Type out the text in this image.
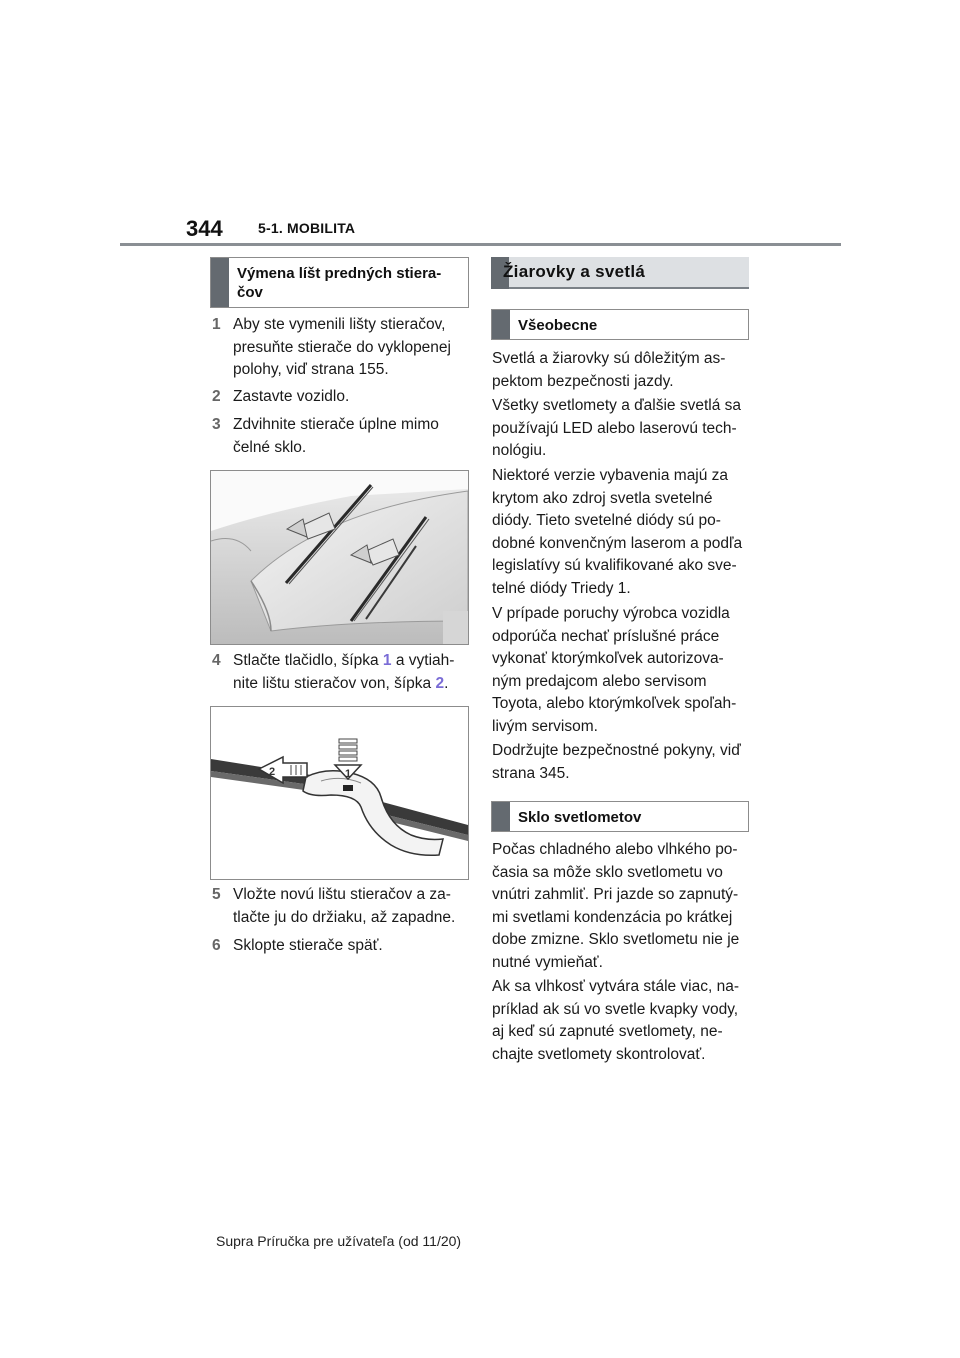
344	5-1. MOBILITA
Výmena líšt predných stiera-
čov
1 Aby ste vymenili lišty stieračov,
presuňte stierače do vyklopenej
polohy, viď strana 155.
2 Zastavte vozidlo.
3 Zdvihnite stierače úplne mimo
čelné sklo.
4 Stlačte tlačidlo, šípka 1 a vytiah-
nite lištu stieračov von, šípka 2.
2	1
5 Vložte novú lištu stieračov a za-
tlačte ju do držiaku, až zapadne.
6 Sklopte stierače späť.
Žiarovky a svetlá
Všeobecne
Svetlá a žiarovky sú dôležitým as-
pektom bezpečnosti jazdy.
Všetky svetlomety a ďalšie svetlá sa
používajú LED alebo laserovú tech-
nológiu.
Niektoré verzie vybavenia majú za
krytom ako zdroj svetla svetelné
diódy. Tieto svetelné diódy sú po-
dobné konvenčným laserom a podľa
legislatívy sú kvalifikované ako sve-
telné diódy Triedy 1.
V prípade poruchy výrobca vozidla
odporúča nechať príslušné práce
vykonať ktorýmkoľvek autorizova-
ným predajcom alebo servisom
Toyota, alebo ktorýmkoľvek spoľah-
livým servisom.
Dodržujte bezpečnostné pokyny, viď
strana 345.
Sklo svetlometov
Počas chladného alebo vlhkého po-
časia sa môže sklo svetlometu vo
vnútri zahmliť. Pri jazde so zapnutý-
mi svetlami kondenzácia po krátkej
dobe zmizne. Sklo svetlometu nie je
nutné vymieňať.
Ak sa vlhkosť vytvára stále viac, na-
príklad ak sú vo svetle kvapky vody,
aj keď sú zapnuté svetlomety, ne-
chajte svetlomety skontrolovať.
Supra Príručka pre užívateľa (od 11/20)
